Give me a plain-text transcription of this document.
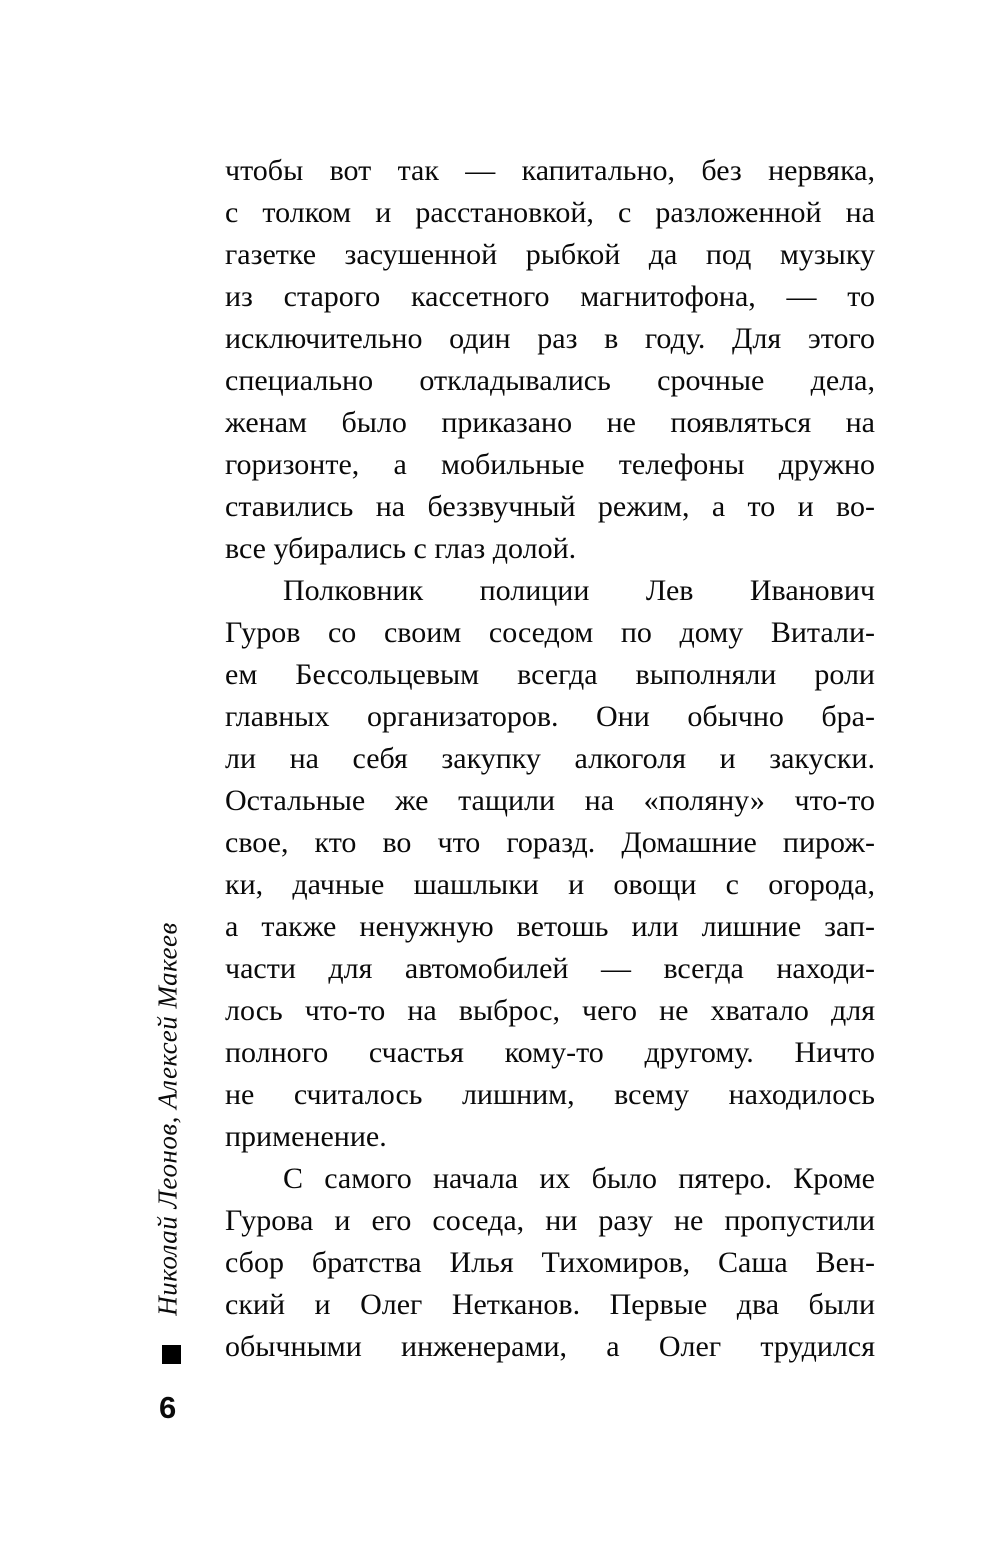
Николай Леонов, Алексей Макеев
6
чтобы вот так — капитально, без нервяка,
с толком и расстановкой, с разложенной на
газетке засушенной рыбкой да под музыку
из старого кассетного магнитофона, — то
исключительно один раз в году. Для этого
специально откладывались срочные дела,
женам было приказано не появляться на
горизонте, а мобильные телефоны дружно
ставились на беззвучный режим, а то и во-
все убирались с глаз долой.
Полковник полиции Лев Иванович
Гуров со своим соседом по дому Витали-
ем Бессольцевым всегда выполняли роли
главных организаторов. Они обычно бра-
ли на себя закупку алкоголя и закуски.
Остальные же тащили на «поляну» что-то
свое, кто во что горазд. Домашние пирож-
ки, дачные шашлыки и овощи с огорода,
а также ненужную ветошь или лишние зап-
части для автомобилей — всегда находи-
лось что-то на выброс, чего не хватало для
полного счастья кому-то другому. Ничто
не считалось лишним, всему находилось
применение.
С самого начала их было пятеро. Кроме
Гурова и его соседа, ни разу не пропустили
сбор братства Илья Тихомиров, Саша Вен-
ский и Олег Нетканов. Первые два были
обычными инженерами, а Олег трудился
